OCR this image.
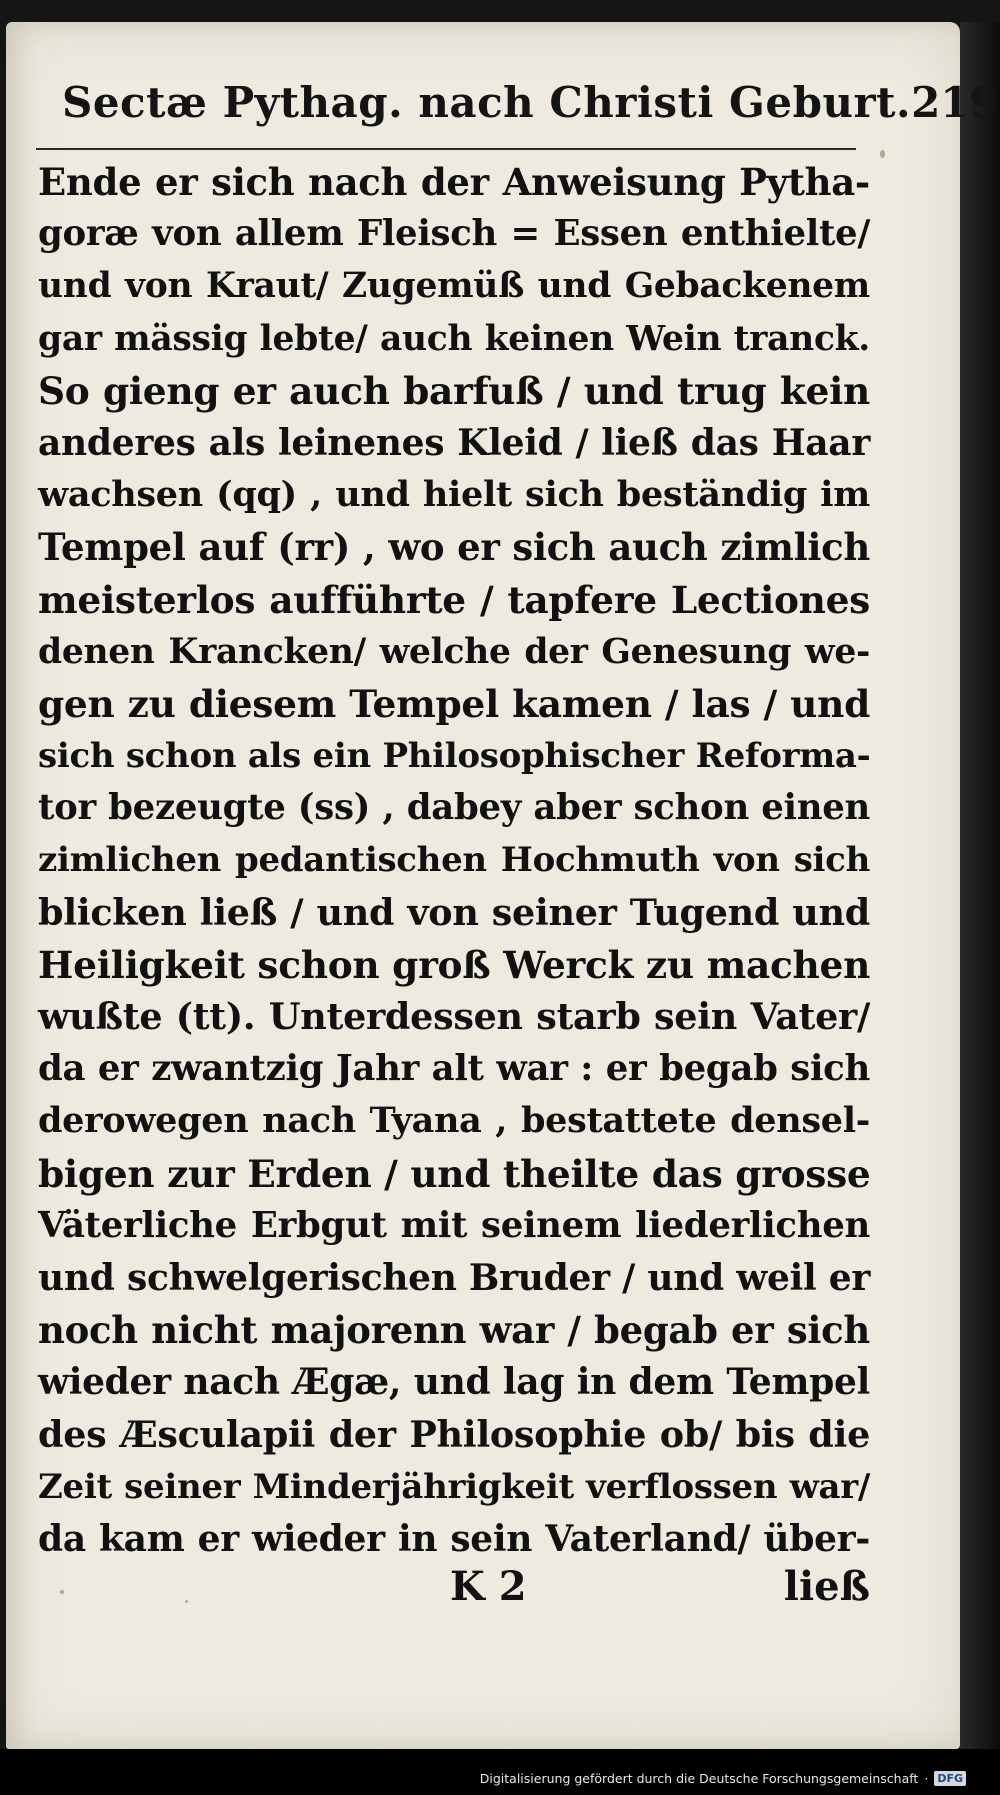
Sectæ Pythag. nach Christi Geburt. 219
Ende er sich nach der Anweisung Pytha-
goræ von allem Fleisch = Essen enthielte/
und von Kraut/ Zugemüß und Gebackenem
gar mässig lebte/ auch keinen Wein tranck.
So gieng er auch barfuß / und trug kein
anderes als leinenes Kleid / ließ das Haar
wachsen (qq) , und hielt sich beständig im
Tempel auf (rr) , wo er sich auch zimlich
meisterlos aufführte / tapfere Lectiones
denen Krancken/ welche der Genesung we-
gen zu diesem Tempel kamen / las / und
sich schon als ein Philosophischer Reforma-
tor bezeugte (ss) , dabey aber schon einen
zimlichen pedantischen Hochmuth von sich
blicken ließ / und von seiner Tugend und
Heiligkeit schon groß Werck zu machen
wußte (tt). Unterdessen starb sein Vater/
da er zwantzig Jahr alt war : er begab sich
derowegen nach Tyana , bestattete densel-
bigen zur Erden / und theilte das grosse
Väterliche Erbgut mit seinem liederlichen
und schwelgerischen Bruder / und weil er
noch nicht majorenn war / begab er sich
wieder nach Ægæ, und lag in dem Tempel
des Æsculapii der Philosophie ob/ bis die
Zeit seiner Minderjährigkeit verflossen war/
da kam er wieder in sein Vaterland/ über-
K 2	ließ
Digitalisierung gefördert durch die Deutsche Forschungsgemeinschaft · DFG
